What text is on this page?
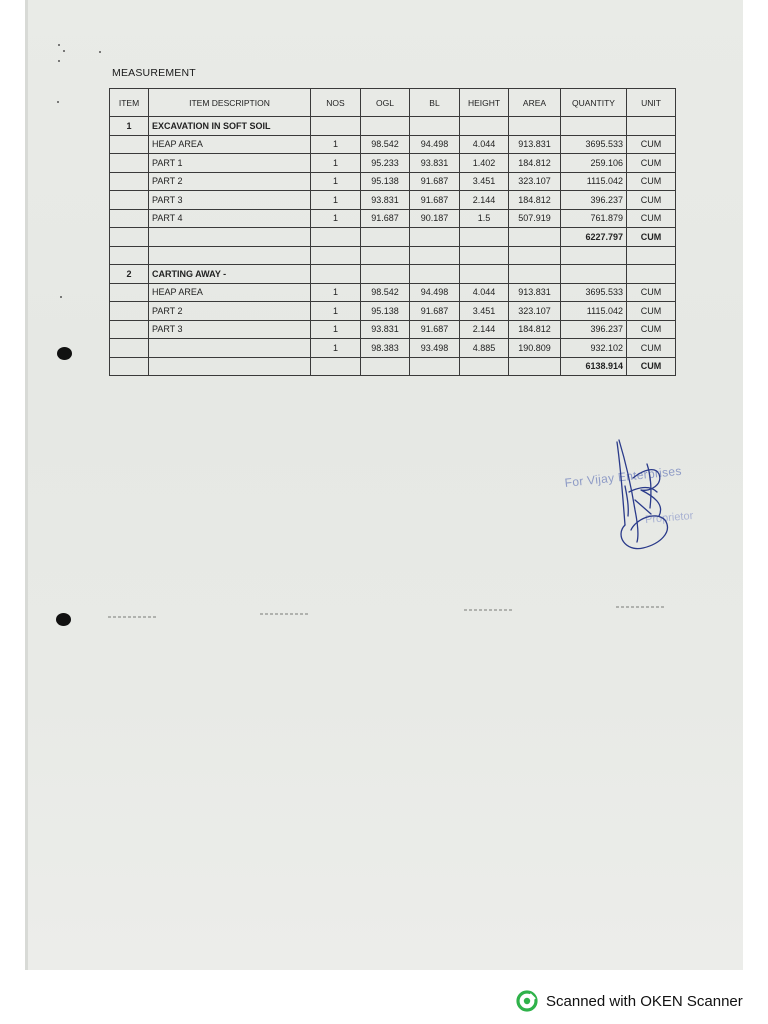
MEASUREMENT
ITEM	ITEM DESCRIPTION	NOS	OGL	BL	HEIGHT	AREA	QUANTITY	UNIT
1	EXCAVATION IN SOFT SOIL							
	HEAP AREA	1	98.542	94.498	4.044	913.831	3695.533	CUM
	PART 1	1	95.233	93.831	1.402	184.812	259.106	CUM
	PART 2	1	95.138	91.687	3.451	323.107	1115.042	CUM
	PART 3	1	93.831	91.687	2.144	184.812	396.237	CUM
	PART 4	1	91.687	90.187	1.5	507.919	761.879	CUM
							6227.797	CUM

2	CARTING AWAY -							
	HEAP AREA	1	98.542	94.498	4.044	913.831	3695.533	CUM
	PART 2	1	95.138	91.687	3.451	323.107	1115.042	CUM
	PART 3	1	93.831	91.687	2.144	184.812	396.237	CUM
		1	98.383	93.498	4.885	190.809	932.102	CUM
							6138.914	CUM
For Vijay Enterprises
Proprietor
Scanned with OKEN Scanner
